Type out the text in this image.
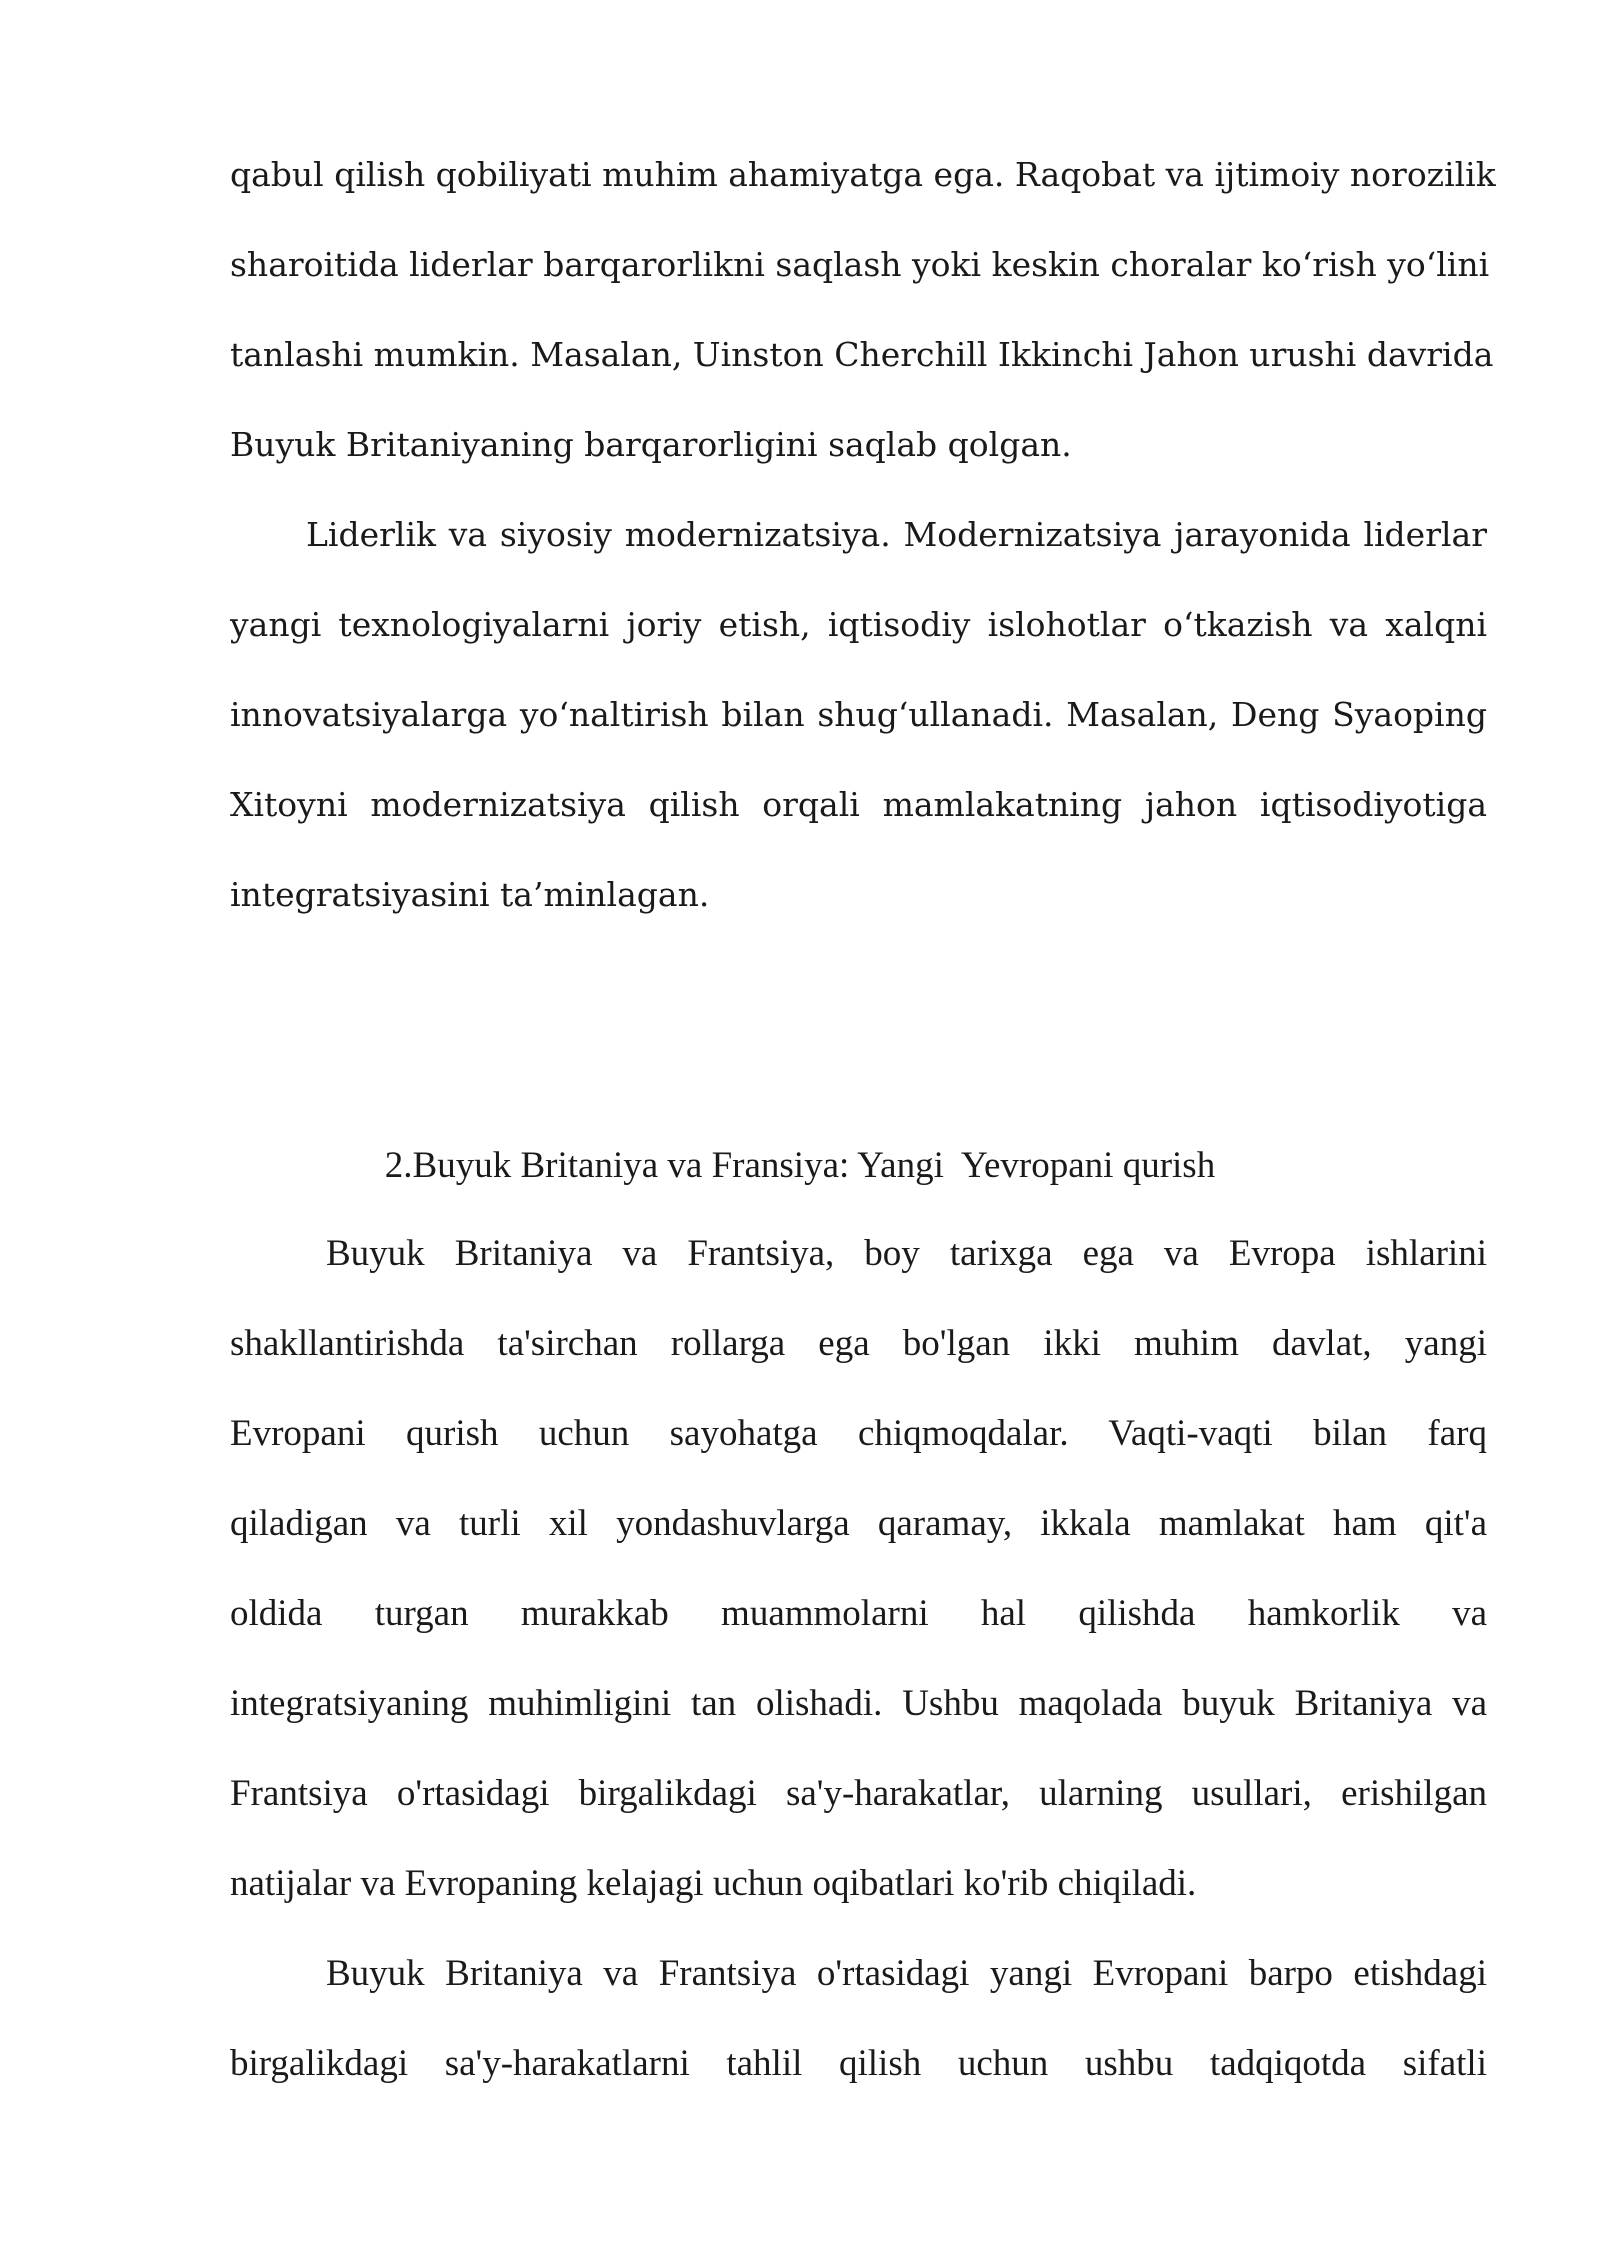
qabul qilish qobiliyati muhim ahamiyatga ega. Raqobat va ijtimoiy norozilik
sharoitida liderlar barqarorlikni saqlash yoki keskin choralar ko‘rish yo‘lini
tanlashi mumkin. Masalan, Uinston Cherchill Ikkinchi Jahon urushi davrida
Buyuk Britaniyaning barqarorligini saqlab qolgan.
Liderlik va siyosiy modernizatsiya. Modernizatsiya jarayonida liderlar
yangi texnologiyalarni joriy etish, iqtisodiy islohotlar o‘tkazish va xalqni
innovatsiyalarga yo‘naltirish bilan shug‘ullanadi. Masalan, Deng Syaoping
Xitoyni modernizatsiya qilish orqali mamlakatning jahon iqtisodiyotiga
integratsiyasini ta’minlagan.
2.Buyuk Britaniya va Fransiya: Yangi  Yevropani qurish
Buyuk Britaniya va Frantsiya, boy tarixga ega va Evropa ishlarini
shakllantirishda ta'sirchan rollarga ega bo'lgan ikki muhim davlat, yangi
Evropani qurish uchun sayohatga chiqmoqdalar. Vaqti-vaqti bilan farq
qiladigan va turli xil yondashuvlarga qaramay, ikkala mamlakat ham qit'a
oldida turgan murakkab muammolarni hal qilishda hamkorlik va
integratsiyaning muhimligini tan olishadi. Ushbu maqolada buyuk Britaniya va
Frantsiya o'rtasidagi birgalikdagi sa'y-harakatlar, ularning usullari, erishilgan
natijalar va Evropaning kelajagi uchun oqibatlari ko'rib chiqiladi.
Buyuk Britaniya va Frantsiya o'rtasidagi yangi Evropani barpo etishdagi
birgalikdagi sa'y-harakatlarni tahlil qilish uchun ushbu tadqiqotda sifatli
